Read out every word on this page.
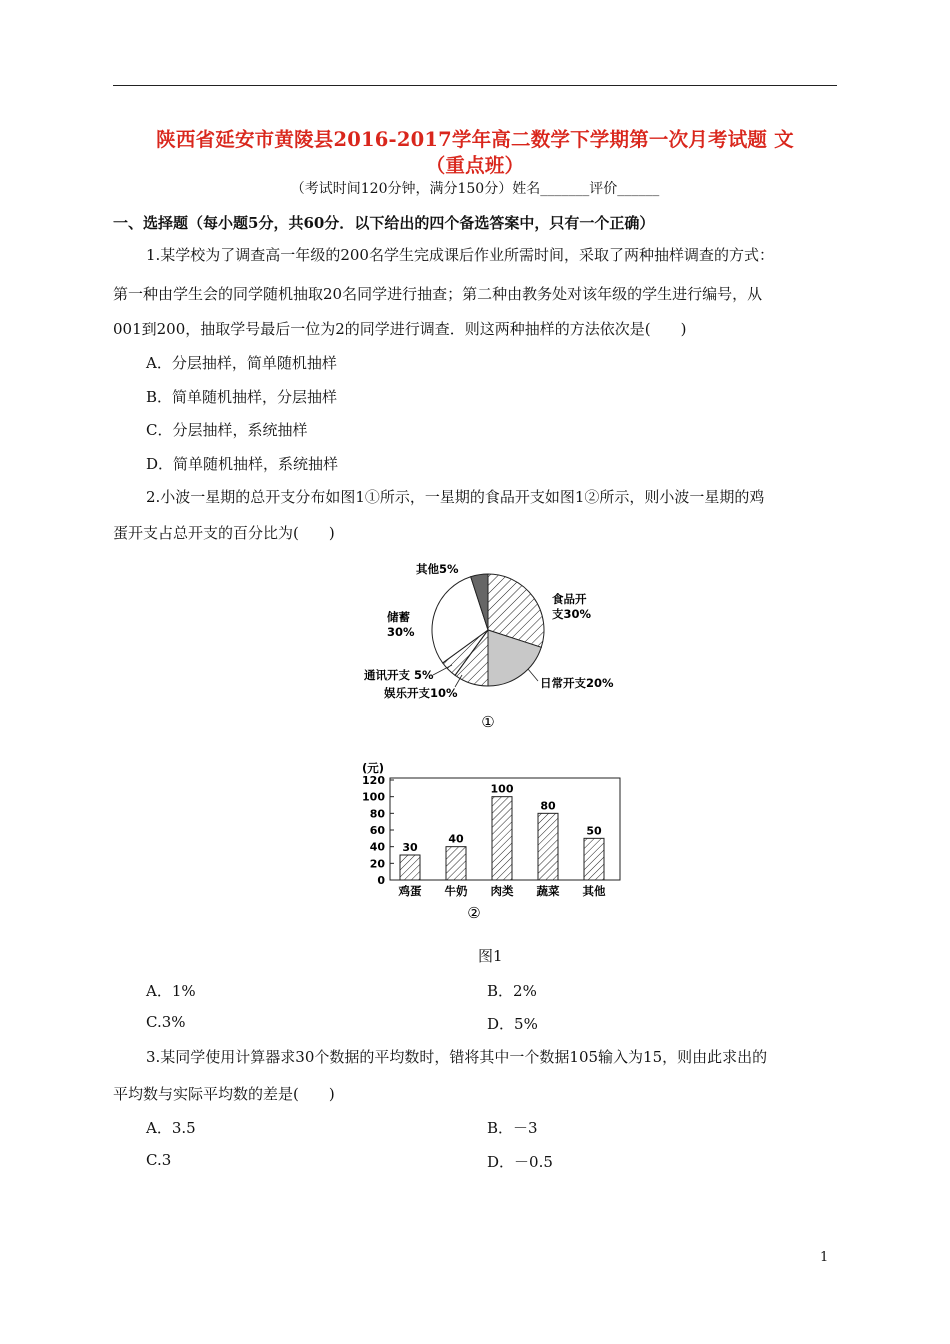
陕西省延安市黄陵县2016-2017学年高二数学下学期第一次月考试题 文
（重点班）
（考试时间120分钟，满分150分）姓名_______评价______
一、选择题（每小题5分，共60分．以下给出的四个备选答案中，只有一个正确）
1.某学校为了调查高一年级的200名学生完成课后作业所需时间，采取了两种抽样调查的方式：
第一种由学生会的同学随机抽取20名同学进行抽查；第二种由教务处对该年级的学生进行编号，从
001到200，抽取学号最后一位为2的同学进行调查．则这两种抽样的方法依次是(　　)
A．分层抽样，简单随机抽样
B．简单随机抽样，分层抽样
C．分层抽样，系统抽样
D．简单随机抽样，系统抽样
2.小波一星期的总开支分布如图1①所示，一星期的食品开支如图1②所示，则小波一星期的鸡
蛋开支占总开支的百分比为(　　)
食品开
支30%
日常开支20%
娱乐开支10%
通讯开支 5%
储蓄
30%
其他5%
①
(元)
0
20
40
60
80
100
120
30
鸡蛋
40
牛奶
100
肉类
80
蔬菜
50
其他
②
图1
A．1%	B．2%
C.3%	D．5%
3.某同学使用计算器求30个数据的平均数时，错将其中一个数据105输入为15，则由此求出的
平均数与实际平均数的差是(　　)
A．3.5	B．－3
C.3	D．－0.5
1
